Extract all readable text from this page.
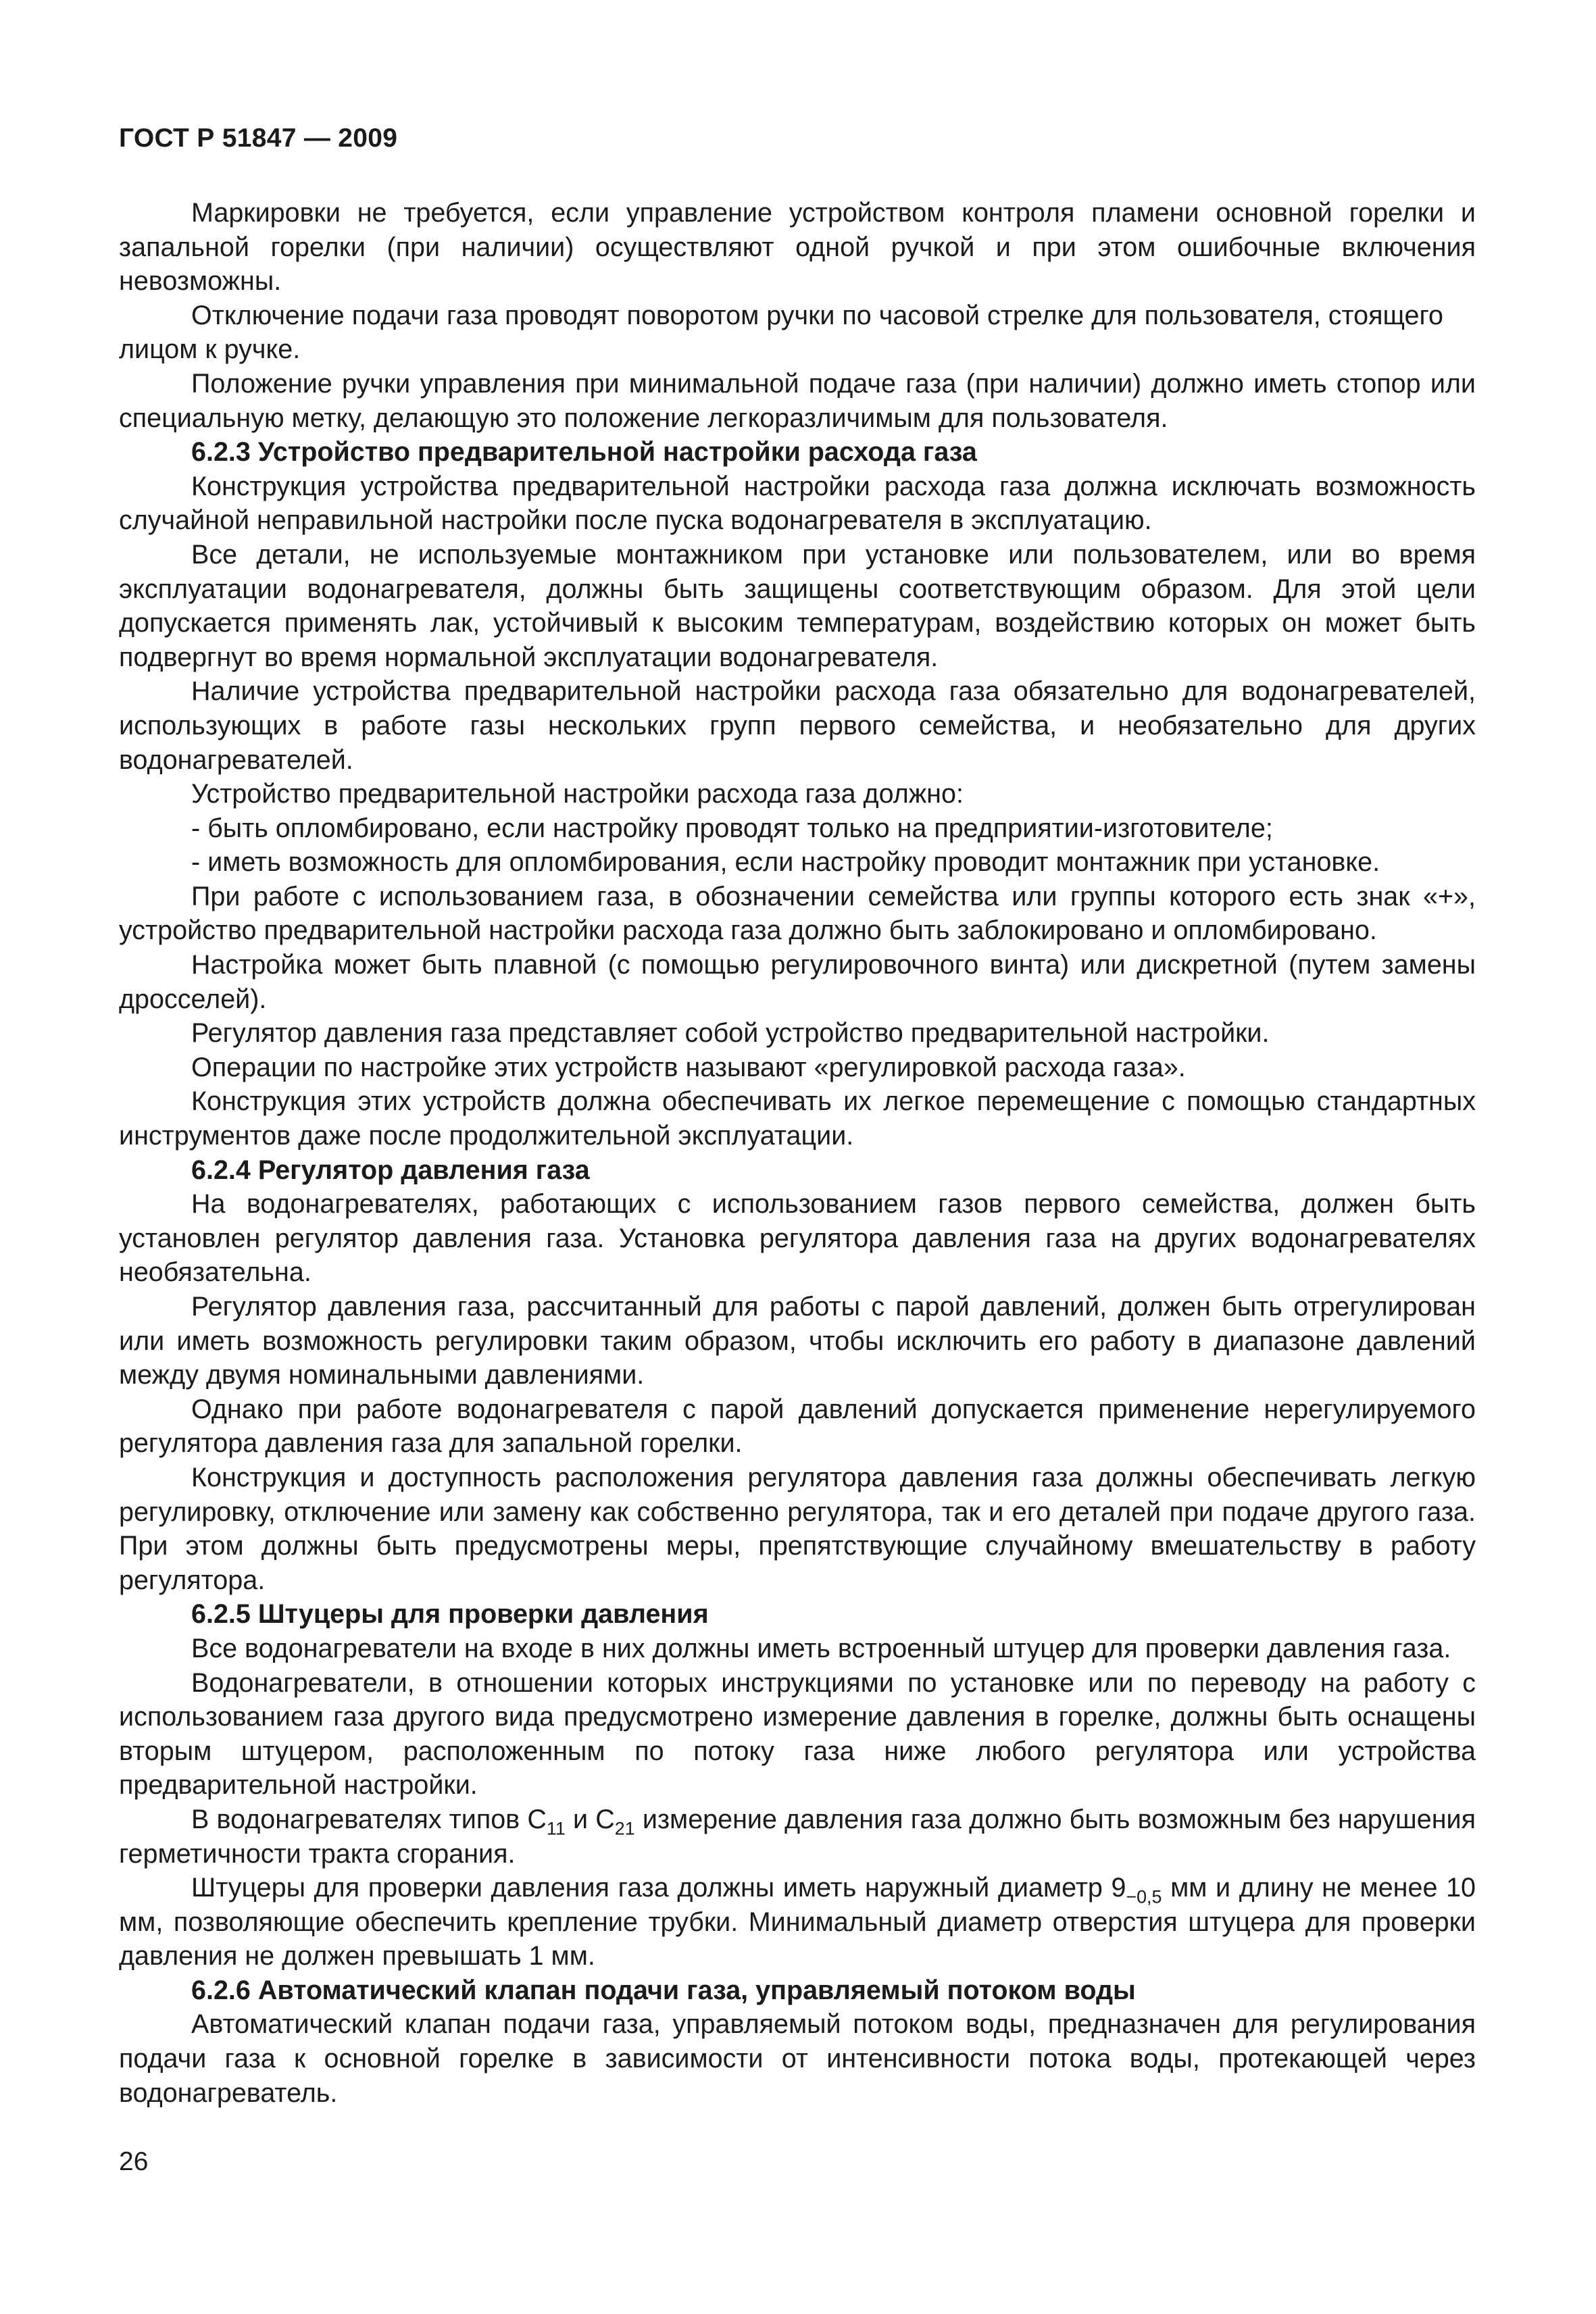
ГОСТ Р 51847 — 2009

Маркировки не требуется, если управление устройством контроля пламени основной горелки и запальной горелки (при наличии) осуществляют одной ручкой и при этом ошибочные включения невозможны.

Отключение подачи газа проводят поворотом ручки по часовой стрелке для пользователя, стоящего лицом к ручке.

Положение ручки управления при минимальной подаче газа (при наличии) должно иметь стопор или специальную метку, делающую это положение легкоразличимым для пользователя.

6.2.3 Устройство предварительной настройки расхода газа

Конструкция устройства предварительной настройки расхода газа должна исключать возможность случайной неправильной настройки после пуска водонагревателя в эксплуатацию.

Все детали, не используемые монтажником при установке или пользователем, или во время эксплуатации водонагревателя, должны быть защищены соответствующим образом. Для этой цели допускается применять лак, устойчивый к высоким температурам, воздействию которых он может быть подвергнут во время нормальной эксплуатации водонагревателя.

Наличие устройства предварительной настройки расхода газа обязательно для водонагревателей, использующих в работе газы нескольких групп первого семейства, и необязательно для других водонагревателей.

Устройство предварительной настройки расхода газа должно:

- быть опломбировано, если настройку проводят только на предприятии-изготовителе;

- иметь возможность для опломбирования, если настройку проводит монтажник при установке.

При работе с использованием газа, в обозначении семейства или группы которого есть знак «+», устройство предварительной настройки расхода газа должно быть заблокировано и опломбировано.

Настройка может быть плавной (с помощью регулировочного винта) или дискретной (путем замены дросселей).

Регулятор давления газа представляет собой устройство предварительной настройки.

Операции по настройке этих устройств называют «регулировкой расхода газа».

Конструкция этих устройств должна обеспечивать их легкое перемещение с помощью стандартных инструментов даже после продолжительной эксплуатации.

6.2.4 Регулятор давления газа

На водонагревателях, работающих с использованием газов первого семейства, должен быть установлен регулятор давления газа. Установка регулятора давления газа на других водонагревателях необязательна.

Регулятор давления газа, рассчитанный для работы с парой давлений, должен быть отрегулирован или иметь возможность регулировки таким образом, чтобы исключить его работу в диапазоне давлений между двумя номинальными давлениями.

Однако при работе водонагревателя с парой давлений допускается применение нерегулируемого регулятора давления газа для запальной горелки.

Конструкция и доступность расположения регулятора давления газа должны обеспечивать легкую регулировку, отключение или замену как собственно регулятора, так и его деталей при подаче другого газа. При этом должны быть предусмотрены меры, препятствующие случайному вмешательству в работу регулятора.

6.2.5 Штуцеры для проверки давления

Все водонагреватели на входе в них должны иметь встроенный штуцер для проверки давления газа.

Водонагреватели, в отношении которых инструкциями по установке или по переводу на работу с использованием газа другого вида предусмотрено измерение давления в горелке, должны быть оснащены вторым штуцером, расположенным по потоку газа ниже любого регулятора или устройства предварительной настройки.

В водонагревателях типов $С_{11}$ и $С_{21}$ измерение давления газа должно быть возможным без нарушения герметичности тракта сгорания.

Штуцеры для проверки давления газа должны иметь наружный диаметр $9_{-0,5}$ мм и длину не менее 10 мм, позволяющие обеспечить крепление трубки. Минимальный диаметр отверстия штуцера для проверки давления не должен превышать 1 мм.

6.2.6 Автоматический клапан подачи газа, управляемый потоком воды

Автоматический клапан подачи газа, управляемый потоком воды, предназначен для регулирования подачи газа к основной горелке в зависимости от интенсивности потока воды, протекающей через водонагреватель.

26
